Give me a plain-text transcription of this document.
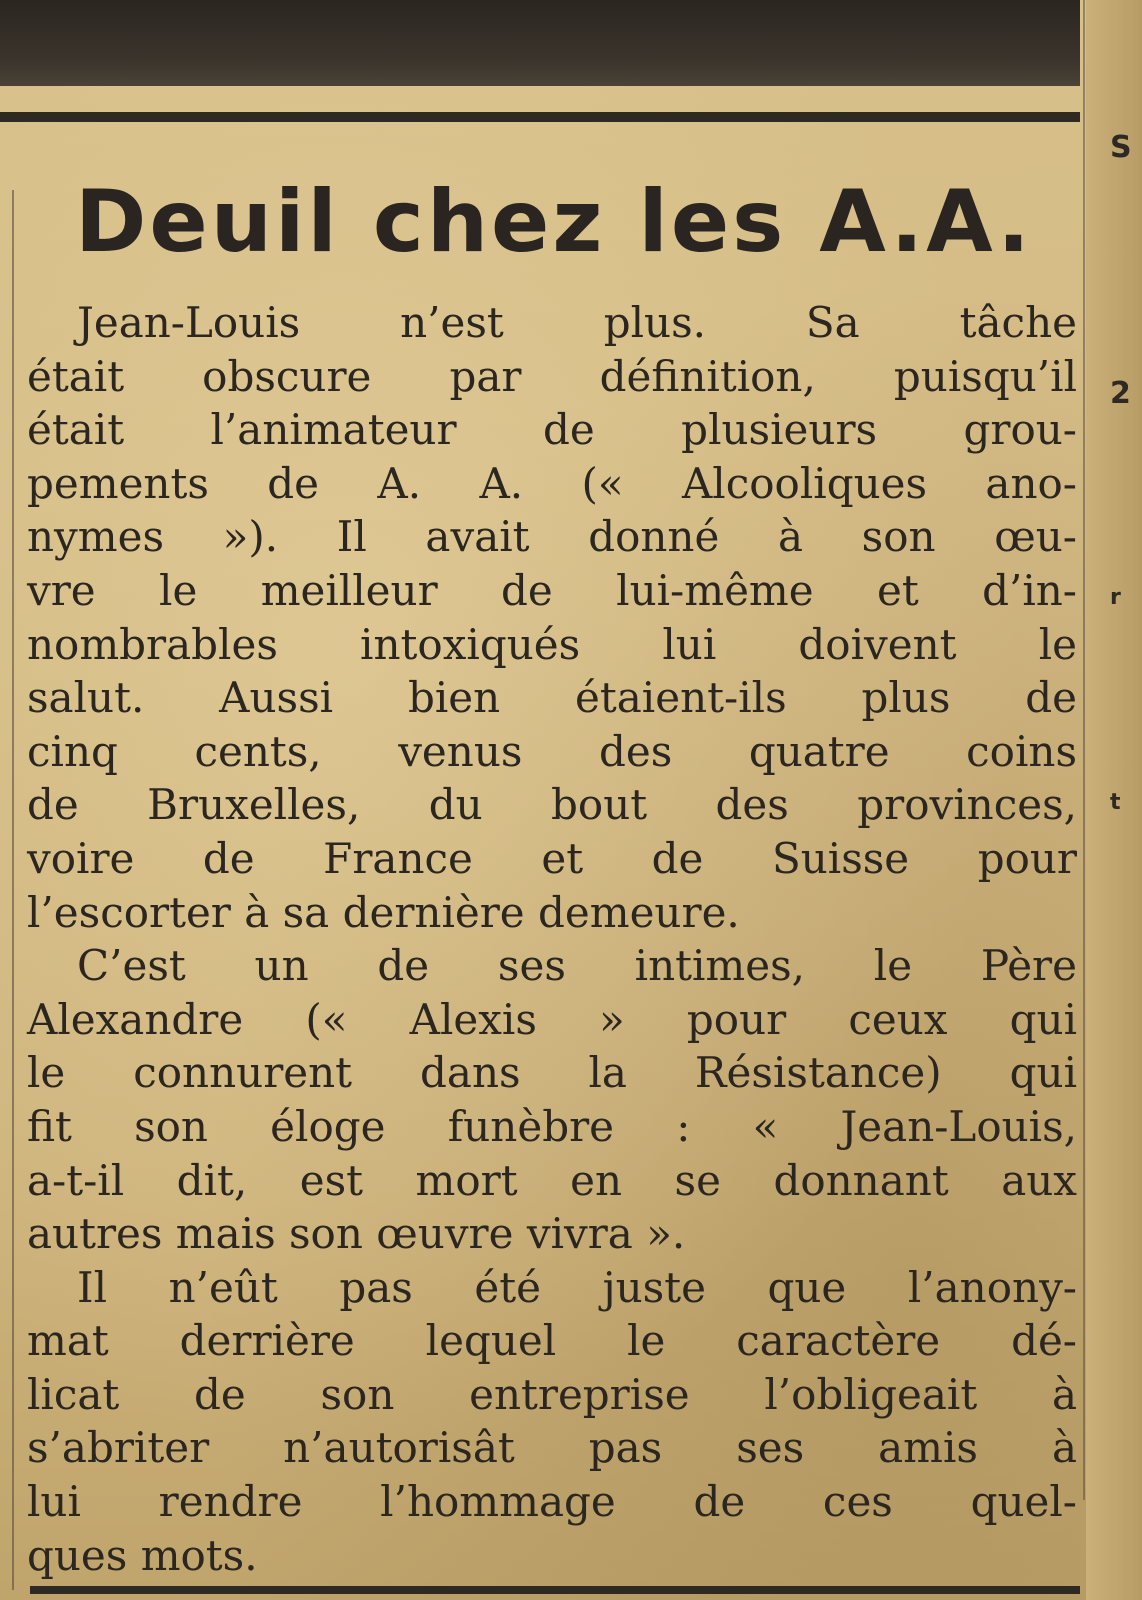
S
2
r
t
Deuil chez les A.A.
Jean-Louis n’est plus. Sa tâche
était obscure par définition, puisqu’il
était l’animateur de plusieurs grou-
pements de A. A. (« Alcooliques ano-
nymes »). Il avait donné à son œu-
vre le meilleur de lui-même et d’in-
nombrables intoxiqués lui doivent le
salut. Aussi bien étaient-ils plus de
cinq cents, venus des quatre coins
de Bruxelles, du bout des provinces,
voire de France et de Suisse pour
l’escorter à sa dernière demeure.
C’est un de ses intimes, le Père
Alexandre (« Alexis » pour ceux qui
le connurent dans la Résistance) qui
fit son éloge funèbre : « Jean-Louis,
a-t-il dit, est mort en se donnant aux
autres mais son œuvre vivra ».
Il n’eût pas été juste que l’anony-
mat derrière lequel le caractère dé-
licat de son entreprise l’obligeait à
s’abriter n’autorisât pas ses amis à
lui rendre l’hommage de ces quel-
ques mots.
